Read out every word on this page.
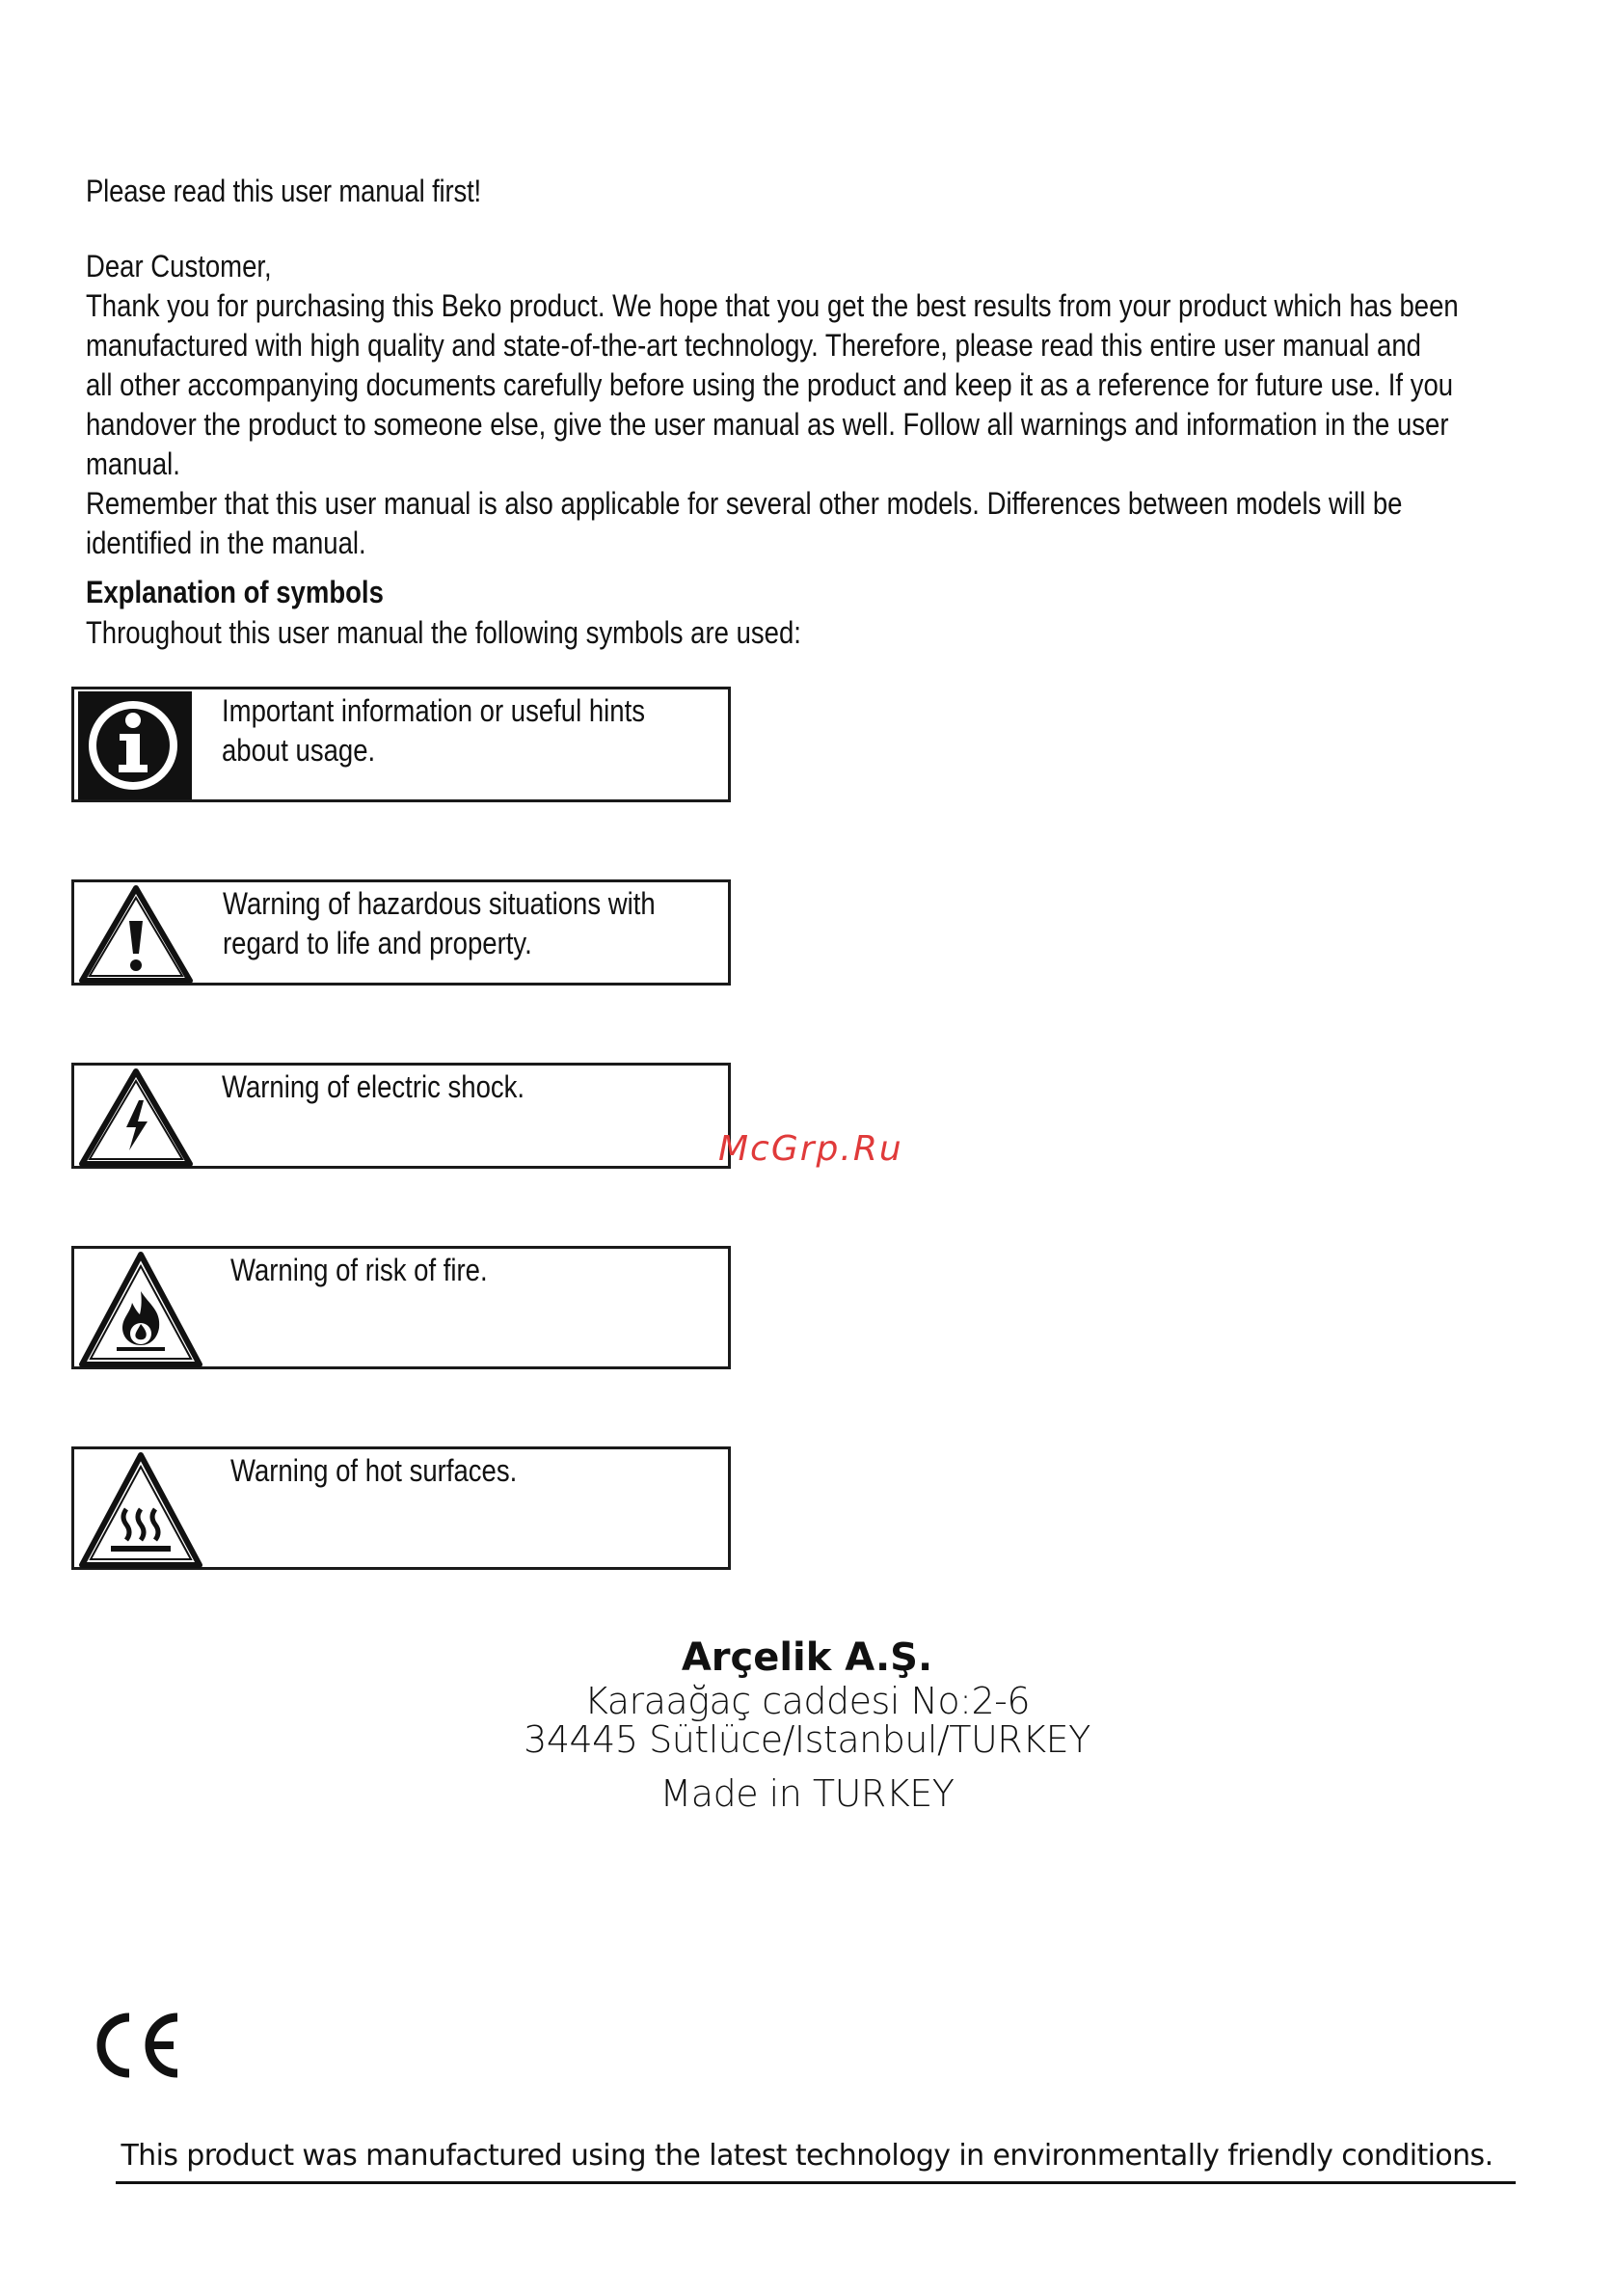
Please read this user manual first!

Dear Customer,

Thank you for purchasing this Beko product. We hope that you get the best results from your product which has been

manufactured with high quality and state-of-the-art technology. Therefore, please read this entire user manual and

all other accompanying documents carefully before using the product and keep it as a reference for future use. If you

handover the product to someone else, give the user manual as well. Follow all warnings and information in the user

manual.

Remember that this user manual is also applicable for several other models. Differences between models will be

identified in the manual.

Explanation of symbols
Throughout this user manual the following symbols are used:
Important information or useful hints
about usage.
Warning of hazardous situations with
regard to life and property.
Warning of electric shock.
Warning of risk of fire.
Warning of hot surfaces.
McGrp.Ru
Arçelik A.Ş.
Karaağaç caddesi No:2-6
34445 Sütlüce/Istanbul/TURKEY
Made in TURKEY
This product was manufactured using the latest technology in environmentally friendly conditions.
